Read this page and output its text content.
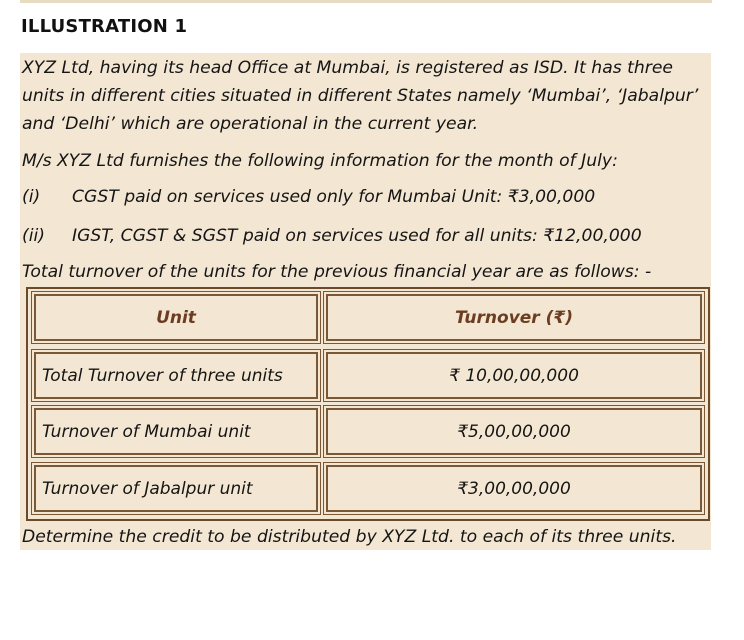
ILLUSTRATION 1
XYZ Ltd, having its head Office at Mumbai, is registered as ISD. It has three
units in different cities situated in different States namely ‘Mumbai’, ‘Jabalpur’
and ‘Delhi’ which are operational in the current year.
M/s XYZ Ltd furnishes the following information for the month of July:
(i) CGST paid on services used only for Mumbai Unit: ₹3,00,000
(ii) IGST, CGST & SGST paid on services used for all units: ₹12,00,000
Total turnover of the units for the previous financial year are as follows: -
Unit	Turnover (₹)
Total Turnover of three units	₹ 10,00,00,000
Turnover of Mumbai unit	₹5,00,00,000
Turnover of Jabalpur unit	₹3,00,00,000
Determine the credit to be distributed by XYZ Ltd. to each of its three units.
